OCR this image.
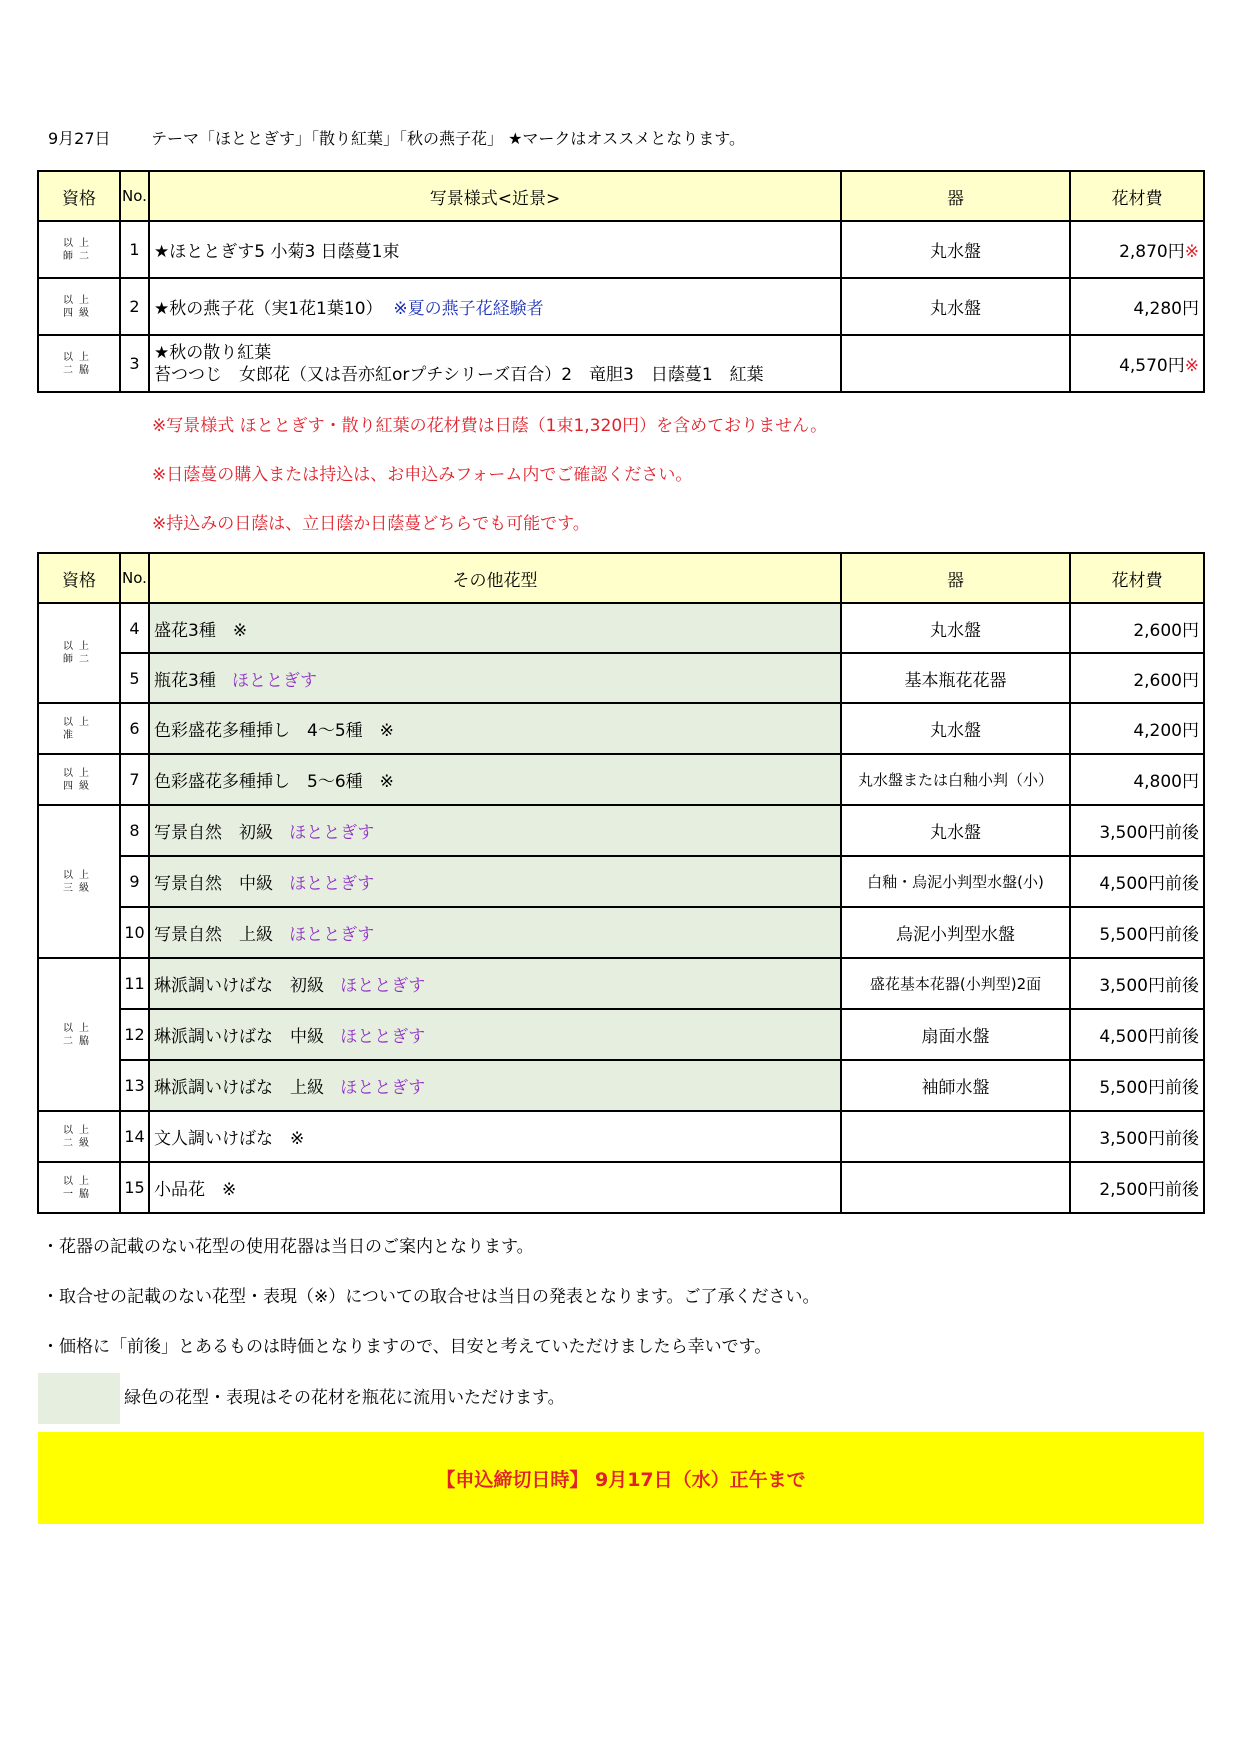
9月27日	テーマ「ほととぎす」「散り紅葉」「秋の燕子花」 ★マークはオススメとなります。
資格	No.	写景様式<近景>	器	花材費
以上
師二	1	★ほととぎす5 小菊3 日蔭蔓1束	丸水盤	2,870円※
以上
四級	2	★秋の燕子花（実1花1葉10） ※夏の燕子花経験者	丸水盤	4,280円
以上
二脇	3	★秋の散り紅葉
苔つつじ　女郎花（又は吾亦紅orプチシリーズ百合）2　竜胆3　日蔭蔓1　紅葉		4,570円※
※写景様式 ほととぎす・散り紅葉の花材費は日蔭（1束1,320円）を含めておりません。
※日蔭蔓の購入または持込は、お申込みフォーム内でご確認ください。
※持込みの日蔭は、立日蔭か日蔭蔓どちらでも可能です。
資格	No.	その他花型	器	花材費
以上
師二	4	盛花3種　※	丸水盤	2,600円
	5	瓶花3種 ほととぎす	基本瓶花花器	2,600円
以上
准	6	色彩盛花多種挿し　4～5種　※	丸水盤	4,200円
以上
四級	7	色彩盛花多種挿し　5～6種　※	丸水盤または白釉小判（小）	4,800円
以上
三級	8	写景自然　初級 ほととぎす	丸水盤	3,500円前後
	9	写景自然　中級 ほととぎす	白釉・烏泥小判型水盤(小)	4,500円前後
	10	写景自然　上級 ほととぎす	烏泥小判型水盤	5,500円前後
以上
二脇	11	琳派調いけばな　初級 ほととぎす	盛花基本花器(小判型)2面	3,500円前後
	12	琳派調いけばな　中級 ほととぎす	扇面水盤	4,500円前後
	13	琳派調いけばな　上級 ほととぎす	袖師水盤	5,500円前後
以上
二級	14	文人調いけばな　※		3,500円前後
以上
一脇	15	小品花　※		2,500円前後
・花器の記載のない花型の使用花器は当日のご案内となります。
・取合せの記載のない花型・表現（※）についての取合せは当日の発表となります。ご了承ください。
・価格に「前後」とあるものは時価となりますので、目安と考えていただけましたら幸いです。
緑色の花型・表現はその花材を瓶花に流用いただけます。
【申込締切日時】 9月17日（水）正午まで
